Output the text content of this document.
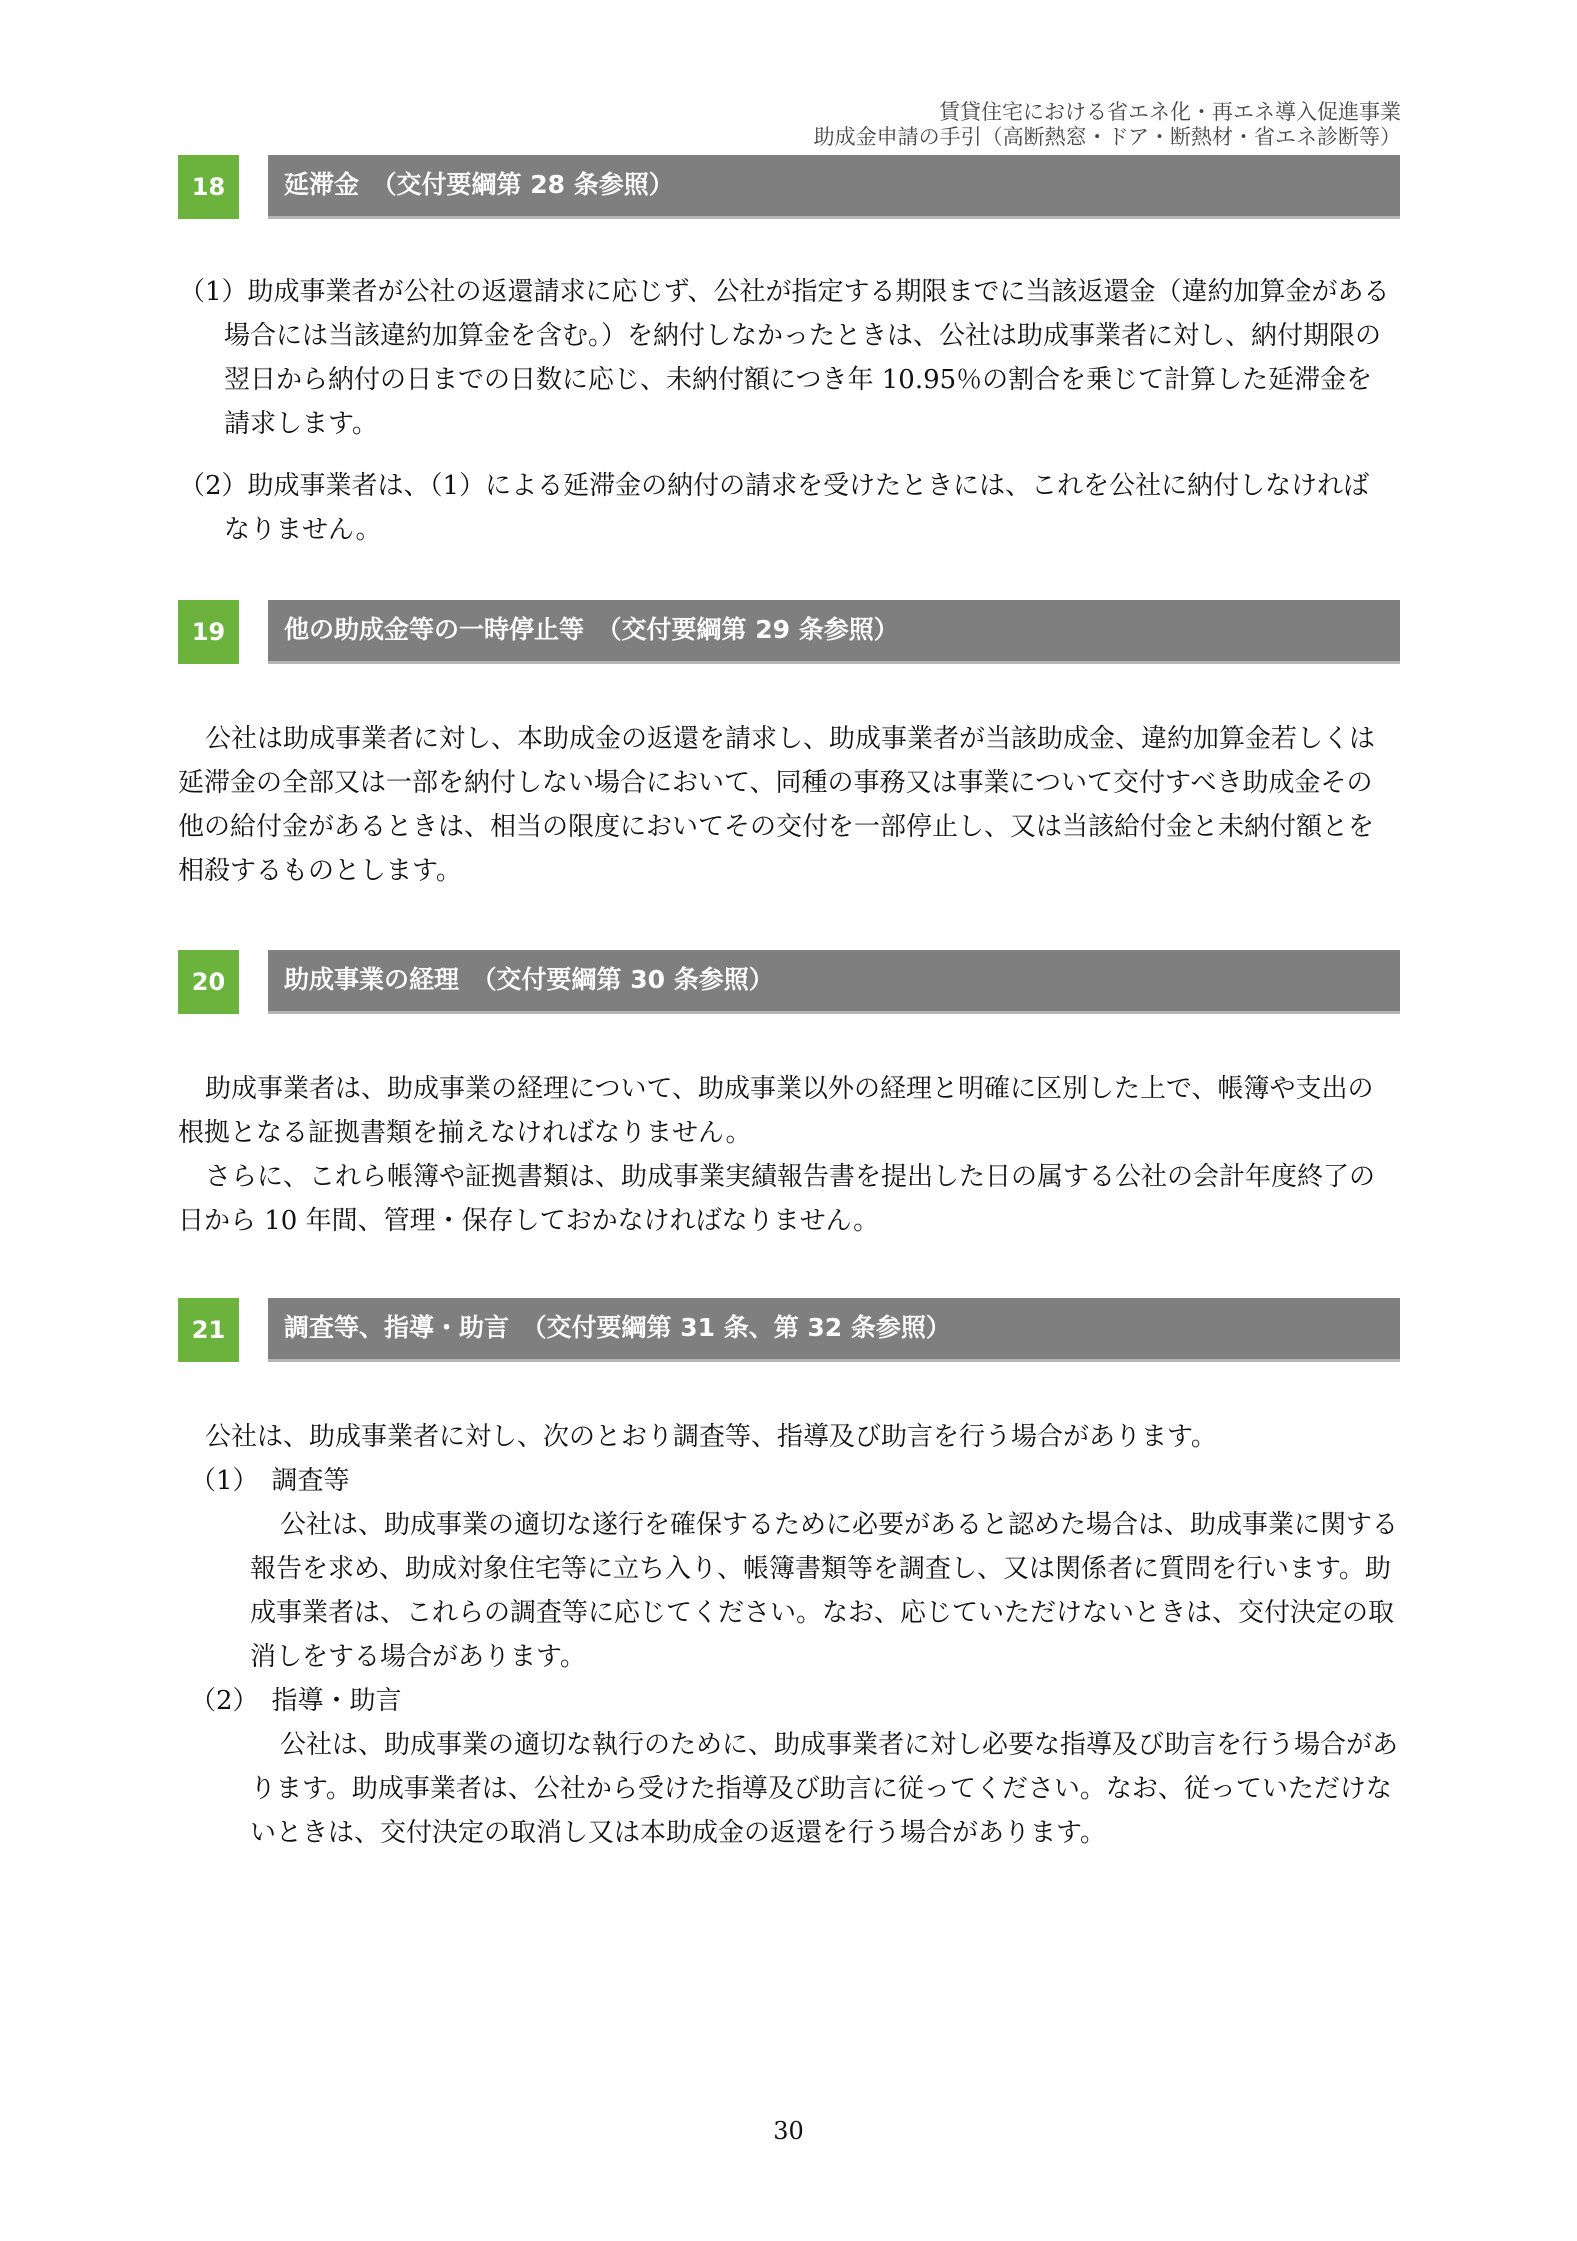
賃貸住宅における省エネ化・再エネ導入促進事業
助成金申請の手引（高断熱窓・ドア・断熱材・省エネ診断等）
18	延滞金　（交付要綱第 28 条参照）

（1）助成事業者が公社の返還請求に応じず、公社が指定する期限までに当該返還金（違約加算金がある場合には当該違約加算金を含む。）を納付しなかったときは、公社は助成事業者に対し、納付期限の翌日から納付の日までの日数に応じ、未納付額につき年 10.95％の割合を乗じて計算した延滞金を請求します。

（2）助成事業者は、（1）による延滞金の納付の請求を受けたときには、これを公社に納付しなければなりません。

19	他の助成金等の一時停止等　（交付要綱第 29 条参照）

公社は助成事業者に対し、本助成金の返還を請求し、助成事業者が当該助成金、違約加算金若しくは延滞金の全部又は一部を納付しない場合において、同種の事務又は事業について交付すべき助成金その他の給付金があるときは、相当の限度においてその交付を一部停止し、又は当該給付金と未納付額とを相殺するものとします。

20	助成事業の経理　（交付要綱第 30 条参照）

助成事業者は、助成事業の経理について、助成事業以外の経理と明確に区別した上で、帳簿や支出の根拠となる証拠書類を揃えなければなりません。

さらに、これら帳簿や証拠書類は、助成事業実績報告書を提出した日の属する公社の会計年度終了の日から 10 年間、管理・保存しておかなければなりません。

21	調査等、指導・助言　（交付要綱第 31 条、第 32 条参照）

公社は、助成事業者に対し、次のとおり調査等、指導及び助言を行う場合があります。

（1）　調査等

公社は、助成事業の適切な遂行を確保するために必要があると認めた場合は、助成事業に関する報告を求め、助成対象住宅等に立ち入り、帳簿書類等を調査し、又は関係者に質問を行います。助成事業者は、これらの調査等に応じてください。なお、応じていただけないときは、交付決定の取消しをする場合があります。

（2）　指導・助言

公社は、助成事業の適切な執行のために、助成事業者に対し必要な指導及び助言を行う場合があります。助成事業者は、公社から受けた指導及び助言に従ってください。なお、従っていただけないときは、交付決定の取消し又は本助成金の返還を行う場合があります。

30
